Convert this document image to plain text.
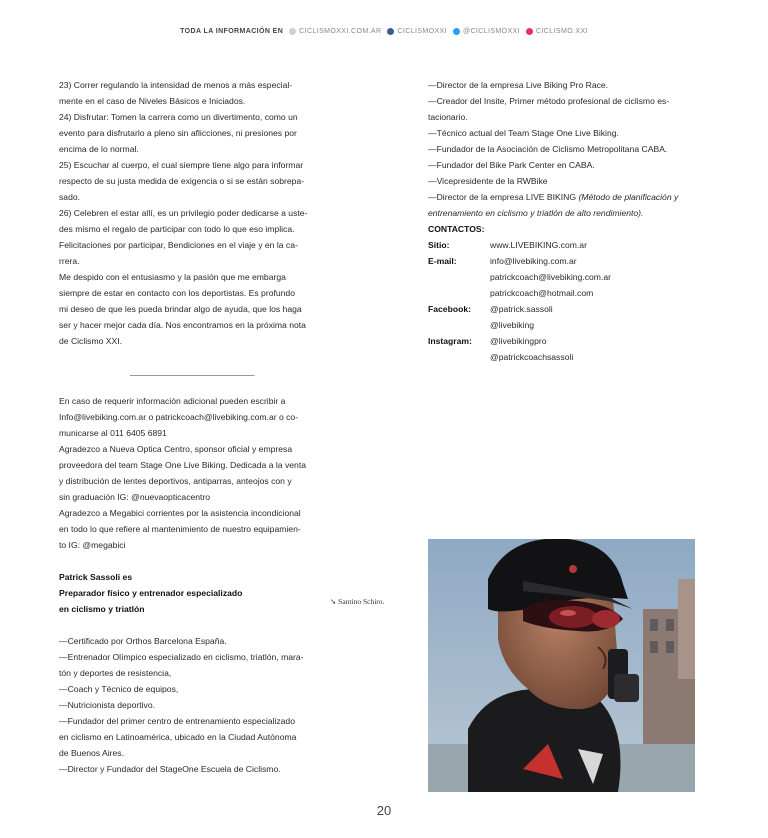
TODA LA INFORMACIÓN EN CICLISMOXXI.COM.AR CICLISMOXXI @CICLISMOXXI CICLISMO.XXI

23) Correr regulando la intensidad de menos a más especial-

mente en el caso de Niveles Básicos e Iniciados.

24) Disfrutar: Tomen la carrera como un divertimento, como un

evento para disfrutarlo a pleno sin aflicciones, ni presiones por

encima de lo normal.

25) Escuchar al cuerpo, el cual siempre tiene algo para informar

respecto de su justa medida de exigencia o si se están sobrepa-

sado.

26) Celebren el estar allí, es un privilegio poder dedicarse a uste-

des mismo el regalo de participar con todo lo que eso implica.

Felicitaciones por participar, Bendiciones en el viaje y en la ca-

rrera.

Me despido con el entusiasmo y la pasión que me embarga

siempre de estar en contacto con los deportistas. Es profundo

mi deseo de que les pueda brindar algo de ayuda, que los haga

ser y hacer mejor cada día. Nos encontramos en la próxima nota

de Ciclismo XXI.

_____________________________

En caso de requerir información adicional pueden escribir a

Info@livebiking.com.ar o patrickcoach@livebiking.com.ar o co-

municarse al 011 6405 6891

Agradezco a Nueva Optica Centro, sponsor oficial y empresa

proveedora del team Stage One Live Biking. Dedicada a la venta

y distribución de lentes deportivos, antiparras, anteojos con y

sin graduación IG: @nuevaopticacentro

Agradezco a Megabici corrientes por la asistencia incondicional

en todo lo que refiere al mantenimiento de nuestro equipamien-

to IG: @megabici

Patrick Sassoli es

Preparador físico y entrenador especializado

en ciclismo y triatlón

—Certificado por Orthos Barcelona España.

—Entrenador Olímpico especializado en ciclismo, triatlón, mara-

tón y deportes de resistencia,

—Coach y Técnico de equipos,

—Nutricionista deportivo.

—Fundador del primer centro de entrenamiento especializado

en ciclismo en Latinoamérica, ubicado en la Ciudad Autónoma

de Buenos Aires.

—Director y Fundador del StageOne Escuela de Ciclismo.

—Director de la empresa Live Biking Pro Race.

—Creador del Insite, Primer método profesional de ciclismo es-

tacionario.

—Técnico actual del Team Stage One Live Biking.

—Fundador de la Asociación de Ciclismo Metropolitana CABA.

—Fundador del Bike Park Center en CABA.

—Vicepresidente de la RWBike

—Director de la empresa LIVE BIKING (Método de planificación y

entrenamiento en ciclismo y triatlón de alto rendimiento).

CONTACTOS:

Sitio:	www.LIVEBIKING.com.ar

E-mail:	info@livebiking.com.ar

patrickcoach@livebiking.com.ar

patrickcoach@hotmail.com

Facebook:	@patrick.sassoli

@livebiking

Instagram:	@livebikingpro

@patrickcoachsassoli

➘ Santino Schiro.
20
